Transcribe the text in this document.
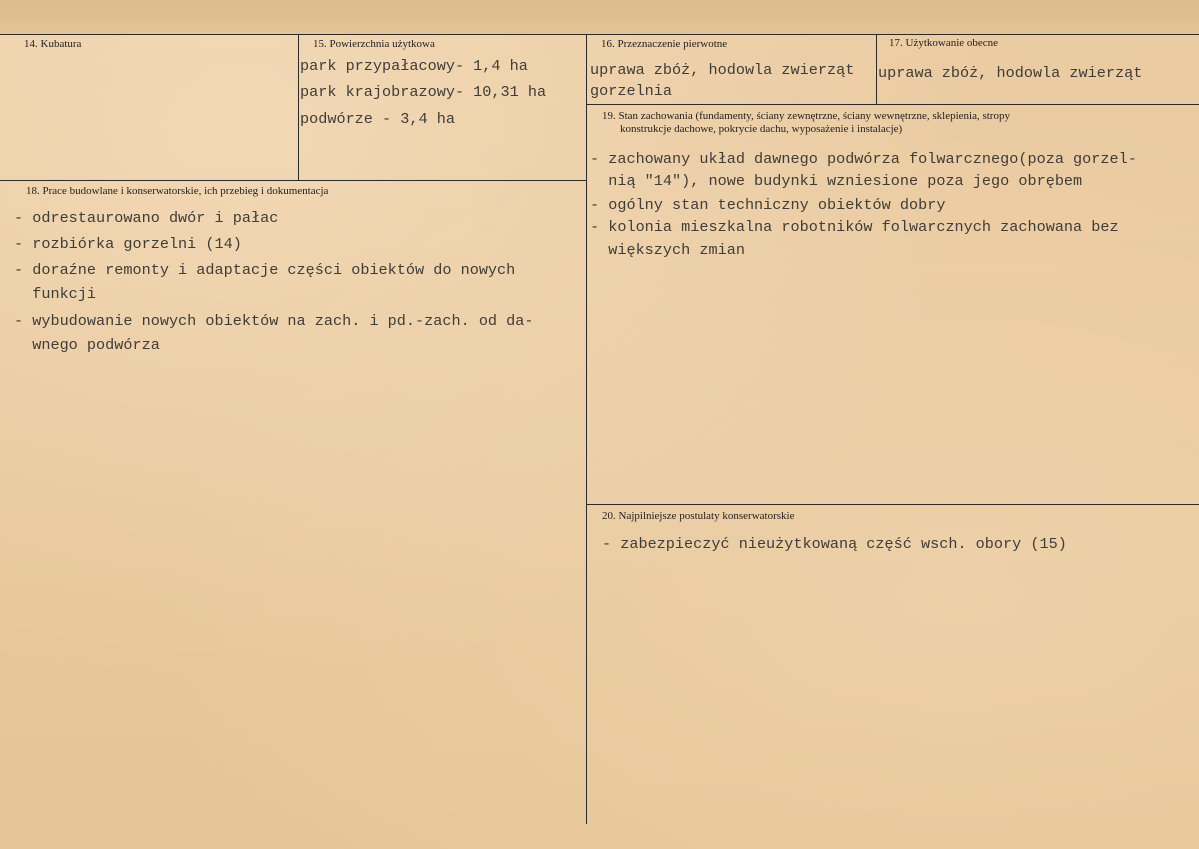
14. Kubatura	15. Powierzchnia użytkowa
park przypałacowy- 1,4 ha
park krajobrazowy- 10,31 ha
podwórze - 3,4 ha
16. Przeznaczenie pierwotne
uprawa zbóż, hodowla zwierząt
gorzelnia
17. Użytkowanie obecne
uprawa zbóż, hodowla zwierząt
18. Prace budowlane i konserwatorskie, ich przebieg i dokumentacja
- odrestaurowano dwór i pałac
- rozbiórka gorzelni (14)
- doraźne remonty i adaptacje części obiektów do nowych
funkcji
- wybudowanie nowych obiektów na zach. i pd.-zach. od da-
wnego podwórza
19. Stan zachowania (fundamenty, ściany zewnętrzne, ściany wewnętrzne, sklepienia, stropy
konstrukcje dachowe, pokrycie dachu, wyposażenie i instalacje)
- zachowany układ dawnego podwórza folwarcznego(poza gorzel-
nią "14"), nowe budynki wzniesione poza jego obrębem
- ogólny stan techniczny obiektów dobry
- kolonia mieszkalna robotników folwarcznych zachowana bez
większych zmian
20. Najpilniejsze postulaty konserwatorskie
- zabezpieczyć nieużytkowaną część wsch. obory (15)
